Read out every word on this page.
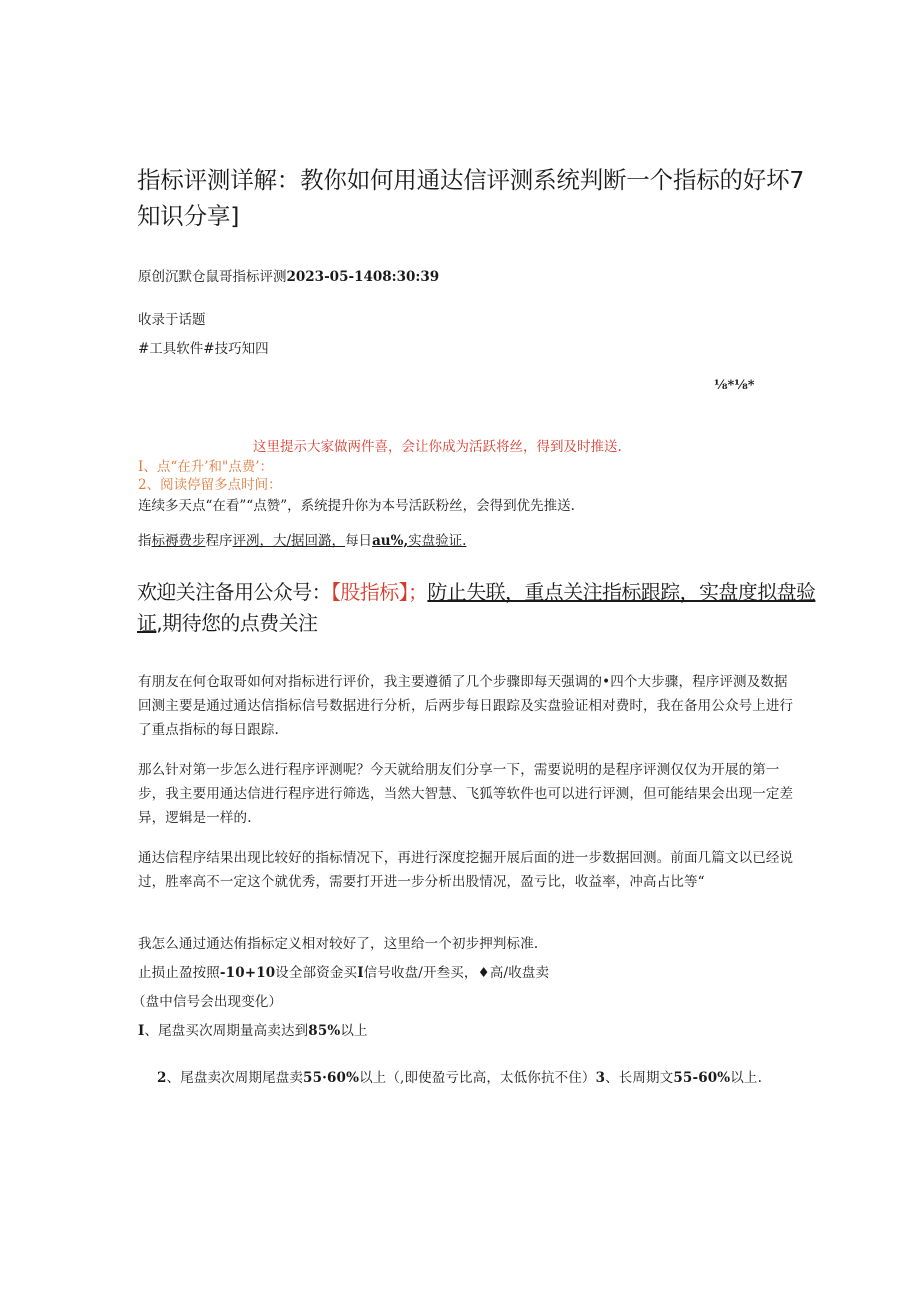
指标评测详解：教你如何用通达信评测系统判断一个指标的好坏7知识分享]
原创沉默仓鼠哥指标评测2023-05-1408:30:39
收录于话题
#工具软件#技巧知四
⅛*⅛*
这里提示大家做两件喜，会让你成为活跃将丝，得到及时推送.
I、点“在升’和"点费’：
2、阅读停留多点时间：
连续多天点“在看”“点赞”，系统提升你为本号活跃粉丝，会得到优先推送.
指标褥费步程序评冽，大/据回潞，每日au%,实盘验证.
欢迎关注备用公众号：【股指标】；防止失联，重点关注指标跟踪，实盘度拟盘验证,期待您的点费关注

有朋友在何仓取哥如何对指标进行评价，我主要遵循了几个步骤即每天强调的•四个大步骤，程序评测及数据回测主要是通过通达信指标信号数据进行分析，后两步每日跟踪及实盘验证相对费时，我在备用公众号上进行了重点指标的每日跟踪.

那么针对第一步怎么进行程序评测呢？今天就给朋友们分享一下，需要说明的是程序评测仅仅为开展的第一步，我主要用通达信进行程序进行筛选，当然大智慧、飞狐等软件也可以进行评测，但可能结果会出现一定差异，逻辑是一样的.

通达信程序结果出现比较好的指标情况下，再进行深度挖掘开展后面的进一步数据回测。前面几篇文以已经说过，胜率高不一定这个就优秀，需要打开进一步分析出股情况，盈亏比，收益率，冲高占比等“

我怎么通过通达侑指标定义相对较好了，这里给一个初步押判标准.

止损止盈按照-10+10设全部资金买I信号收盘/开叁买，♦高/收盘卖

（盘中信号会出现变化）

I、尾盘买次周期量高卖达到85%以上

2、尾盘卖次周期尾盘卖55·60%以上（,即使盈亏比高，太低你抗不住）3、长周期文55-60%以上.
